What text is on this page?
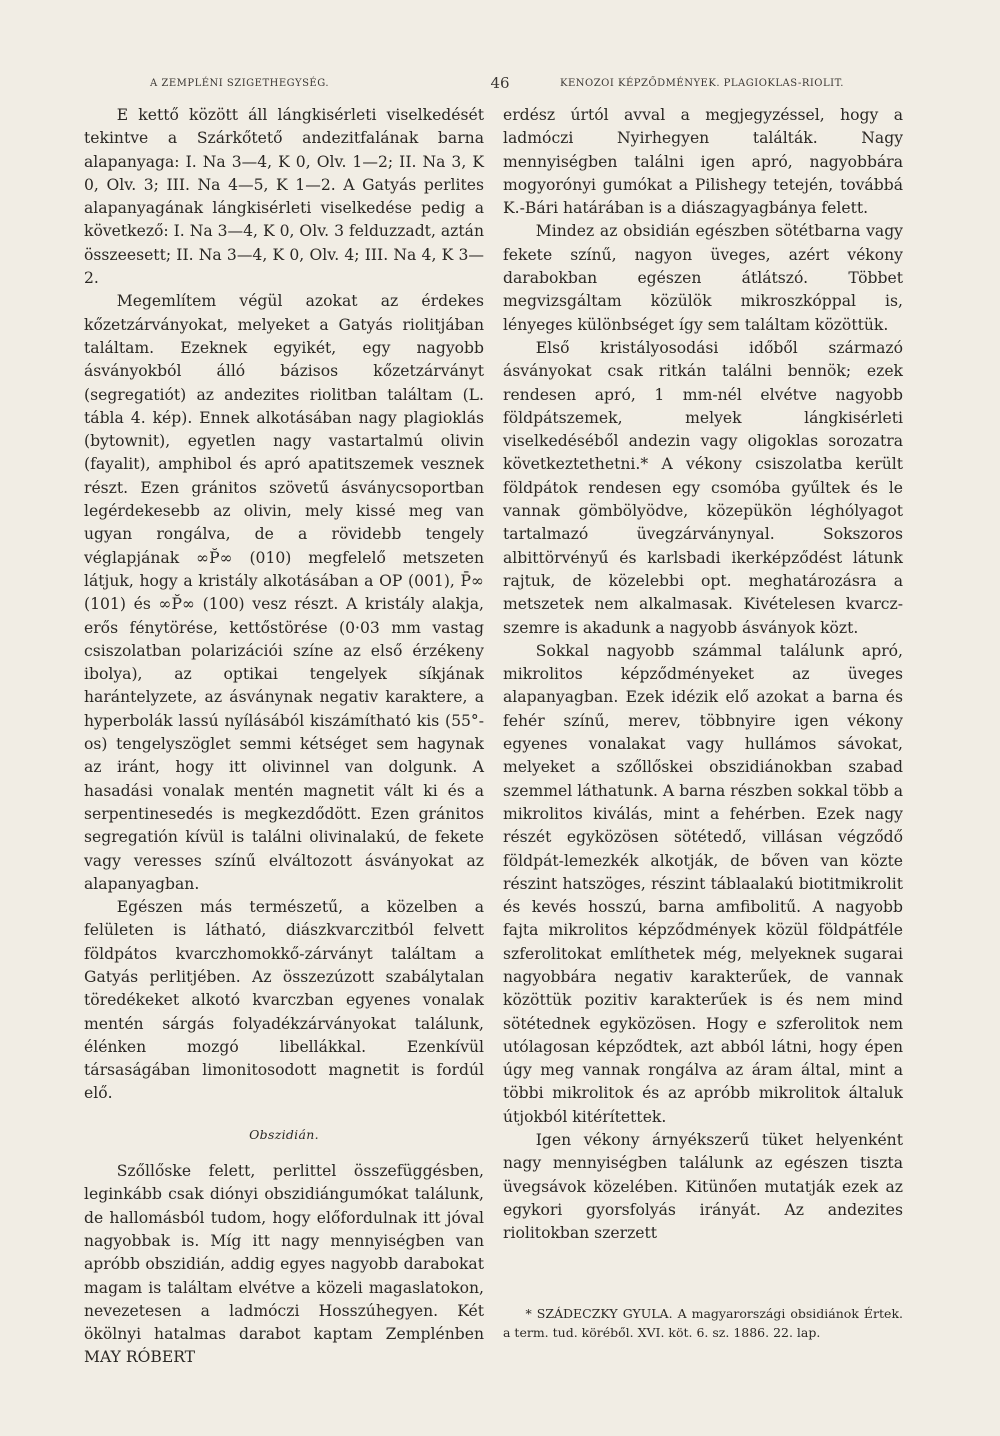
A ZEMPLÉNI SZIGETHEGYSÉG.	46	KENOZOI KÉPZŐDMÉNYEK. PLAGIOKLAS-RIOLIT.

E kettő között áll lángkisérleti viselkedését tekintve a Szárkőtető andezitfalának barna alapanyaga: I. Na 3—4, K 0, Olv. 1—2; II. Na 3, K 0, Olv. 3; III. Na 4—5, K 1—2. A Gatyás perlites alapanyagának lángkisérleti viselkedése pedig a következő: I. Na 3—4, K 0, Olv. 3 felduzzadt, aztán összeesett; II. Na 3—4, K 0, Olv. 4; III. Na 4, K 3—2.

Megemlítem végül azokat az érdekes kőzetzárványokat, melyeket a Gatyás riolitjában találtam. Ezeknek egyikét, egy nagyobb ásványokból álló bázisos kőzetzárványt (segregatiót) az andezites riolitban találtam (L. tábla 4. kép). Ennek alkotásában nagy plagioklás (bytownit), egyetlen nagy vastartalmú olivin (fayalit), amphibol és apró apatitszemek vesznek részt. Ezen gránitos szövetű ásványcsoportban legérdekesebb az olivin, mely kissé meg van ugyan rongálva, de a rövidebb tengely véglapjának ∞P̆∞ (010) megfelelő metszeten látjuk, hogy a kristály alkotásában a OP (001), P̄∞ (101) és ∞P̆∞ (100) vesz részt. A kristály alakja, erős fénytörése, kettőstörése (0·03 mm vastag csiszolatban polarizációi színe az első érzékeny ibolya), az optikai tengelyek síkjának harántelyzete, az ásványnak negativ karaktere, a hyperbolák lassú nyílásából kiszámítható kis (55°-os) tengelyszöglet semmi kétséget sem hagynak az iránt, hogy itt olivinnel van dolgunk. A hasadási vonalak mentén magnetit vált ki és a serpentinesedés is megkezdődött. Ezen gránitos segregatión kívül is találni olivinalakú, de fekete vagy veresses színű elváltozott ásványokat az alapanyagban.

Egészen más természetű, a közelben a felületen is látható, diászkvarczitból felvett földpátos kvarczhomokkő-zárványt találtam a Gatyás perlitjében. Az összezúzott szabálytalan töredékeket alkotó kvarczban egyenes vonalak mentén sárgás folyadékzárványokat találunk, élénken mozgó libellákkal. Ezenkívül társaságában limonitosodott magnetit is fordúl elő.

Obszidián.

Szőllőske felett, perlittel összefüggésben, leginkább csak diónyi obszidiángumókat találunk, de hallomásból tudom, hogy előfordulnak itt jóval nagyobbak is. Míg itt nagy mennyiségben van apróbb obszidián, addig egyes nagyobb darabokat magam is találtam elvétve a közeli magaslatokon, nevezetesen a ladmóczi Hosszúhegyen. Két ökölnyi hatalmas darabot kaptam Zemplénben MAY RÓBERT

erdész úrtól avval a megjegyzéssel, hogy a ladmóczi Nyirhegyen találták. Nagy mennyiségben találni igen apró, nagyobbára mogyorónyi gumókat a Pilishegy tetején, továbbá K.-Bári határában is a diászagyagbánya felett.

Mindez az obsidián egészben sötétbarna vagy fekete színű, nagyon üveges, azért vékony darabokban egészen átlátszó. Többet megvizsgáltam közülök mikroszkóppal is, lényeges különbséget így sem találtam közöttük.

Első kristályosodási időből származó ásványokat csak ritkán találni bennök; ezek rendesen apró, 1 mm-nél elvétve nagyobb földpátszemek, melyek lángkisérleti viselkedéséből andezin vagy oligoklas sorozatra következtethetni.* A vékony csiszolatba került földpátok rendesen egy csomóba gyűltek és le vannak gömbölyödve, közepükön léghólyagot tartalmazó üvegzárványnyal. Sokszoros albittörvényű és karlsbadi ikerképződést látunk rajtuk, de közelebbi opt. meghatározásra a metszetek nem alkalmasak. Kivételesen kvarcz-szemre is akadunk a nagyobb ásványok közt.

Sokkal nagyobb számmal találunk apró, mikrolitos képződményeket az üveges alapanyagban. Ezek idézik elő azokat a barna és fehér színű, merev, többnyire igen vékony egyenes vonalakat vagy hullámos sávokat, melyeket a szőllőskei obszidiánokban szabad szemmel láthatunk. A barna részben sokkal több a mikrolitos kiválás, mint a fehérben. Ezek nagy részét egyközösen sötétedő, villásan végződő földpát-lemezkék alkotják, de bőven van közte részint hatszöges, részint táblaalakú biotitmikrolit és kevés hosszú, barna amfibolitű. A nagyobb fajta mikrolitos képződmények közül földpátféle szferolitokat említhetek még, melyeknek sugarai nagyobbára negativ karakterűek, de vannak közöttük pozitiv karakterűek is és nem mind sötétednek egyközösen. Hogy e szferolitok nem utólagosan képződtek, azt abból látni, hogy épen úgy meg vannak rongálva az áram által, mint a többi mikrolitok és az apróbb mikrolitok általuk útjokból kitérítettek.

Igen vékony árnyékszerű tüket helyenként nagy mennyiségben találunk az egészen tiszta üvegsávok közelében. Kitünően mutatják ezek az egykori gyorsfolyás irányát. Az andezites riolitokban szerzett

* SZÁDECZKY GYULA. A magyarországi obsidiánok Értek. a term. tud. köréből. XVI. köt. 6. sz. 1886. 22. lap.
